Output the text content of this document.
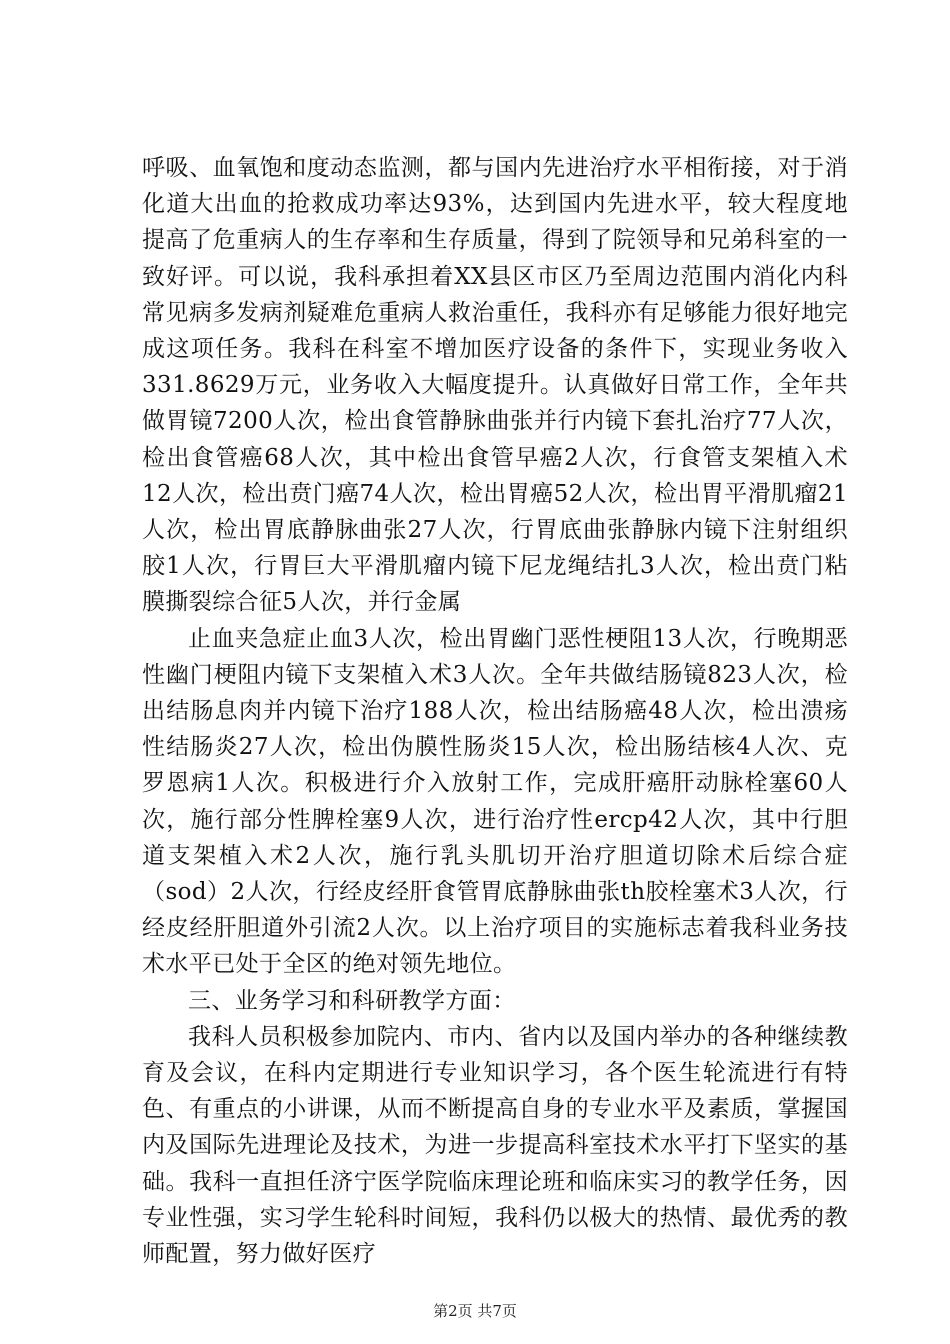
呼吸、血氧饱和度动态监测，都与国内先进治疗水平相衔接，对于消化道大出血的抢救成功率达93%，达到国内先进水平，较大程度地提高了危重病人的生存率和生存质量，得到了院领导和兄弟科室的一致好评。可以说，我科承担着XX县区市区乃至周边范围内消化内科常见病多发病剂疑难危重病人救治重任，我科亦有足够能力很好地完成这项任务。我科在科室不增加医疗设备的条件下，实现业务收入331.8629万元，业务收入大幅度提升。认真做好日常工作，全年共做胃镜7200人次，检出食管静脉曲张并行内镜下套扎治疗77人次，检出食管癌68人次，其中检出食管早癌2人次，行食管支架植入术12人次，检出贲门癌74人次，检出胃癌52人次，检出胃平滑肌瘤21人次，检出胃底静脉曲张27人次，行胃底曲张静脉内镜下注射组织胶1人次，行胃巨大平滑肌瘤内镜下尼龙绳结扎3人次，检出贲门粘膜撕裂综合征5人次，并行金属

止血夹急症止血3人次，检出胃幽门恶性梗阻13人次，行晚期恶性幽门梗阻内镜下支架植入术3人次。全年共做结肠镜823人次，检出结肠息肉并内镜下治疗188人次，检出结肠癌48人次，检出溃疡性结肠炎27人次，检出伪膜性肠炎15人次，检出肠结核4人次、克罗恩病1人次。积极进行介入放射工作，完成肝癌肝动脉栓塞60人次，施行部分性脾栓塞9人次，进行治疗性ercp42人次，其中行胆道支架植入术2人次，施行乳头肌切开治疗胆道切除术后综合症（sod）2人次，行经皮经肝食管胃底静脉曲张th胶栓塞术3人次，行经皮经肝胆道外引流2人次。以上治疗项目的实施标志着我科业务技术水平已处于全区的绝对领先地位。

三、业务学习和科研教学方面：

我科人员积极参加院内、市内、省内以及国内举办的各种继续教育及会议，在科内定期进行专业知识学习，各个医生轮流进行有特色、有重点的小讲课，从而不断提高自身的专业水平及素质，掌握国内及国际先进理论及技术，为进一步提高科室技术水平打下坚实的基础。我科一直担任济宁医学院临床理论班和临床实习的教学任务，因专业性强，实习学生轮科时间短，我科仍以极大的热情、最优秀的教师配置，努力做好医疗

第2页 共7页
